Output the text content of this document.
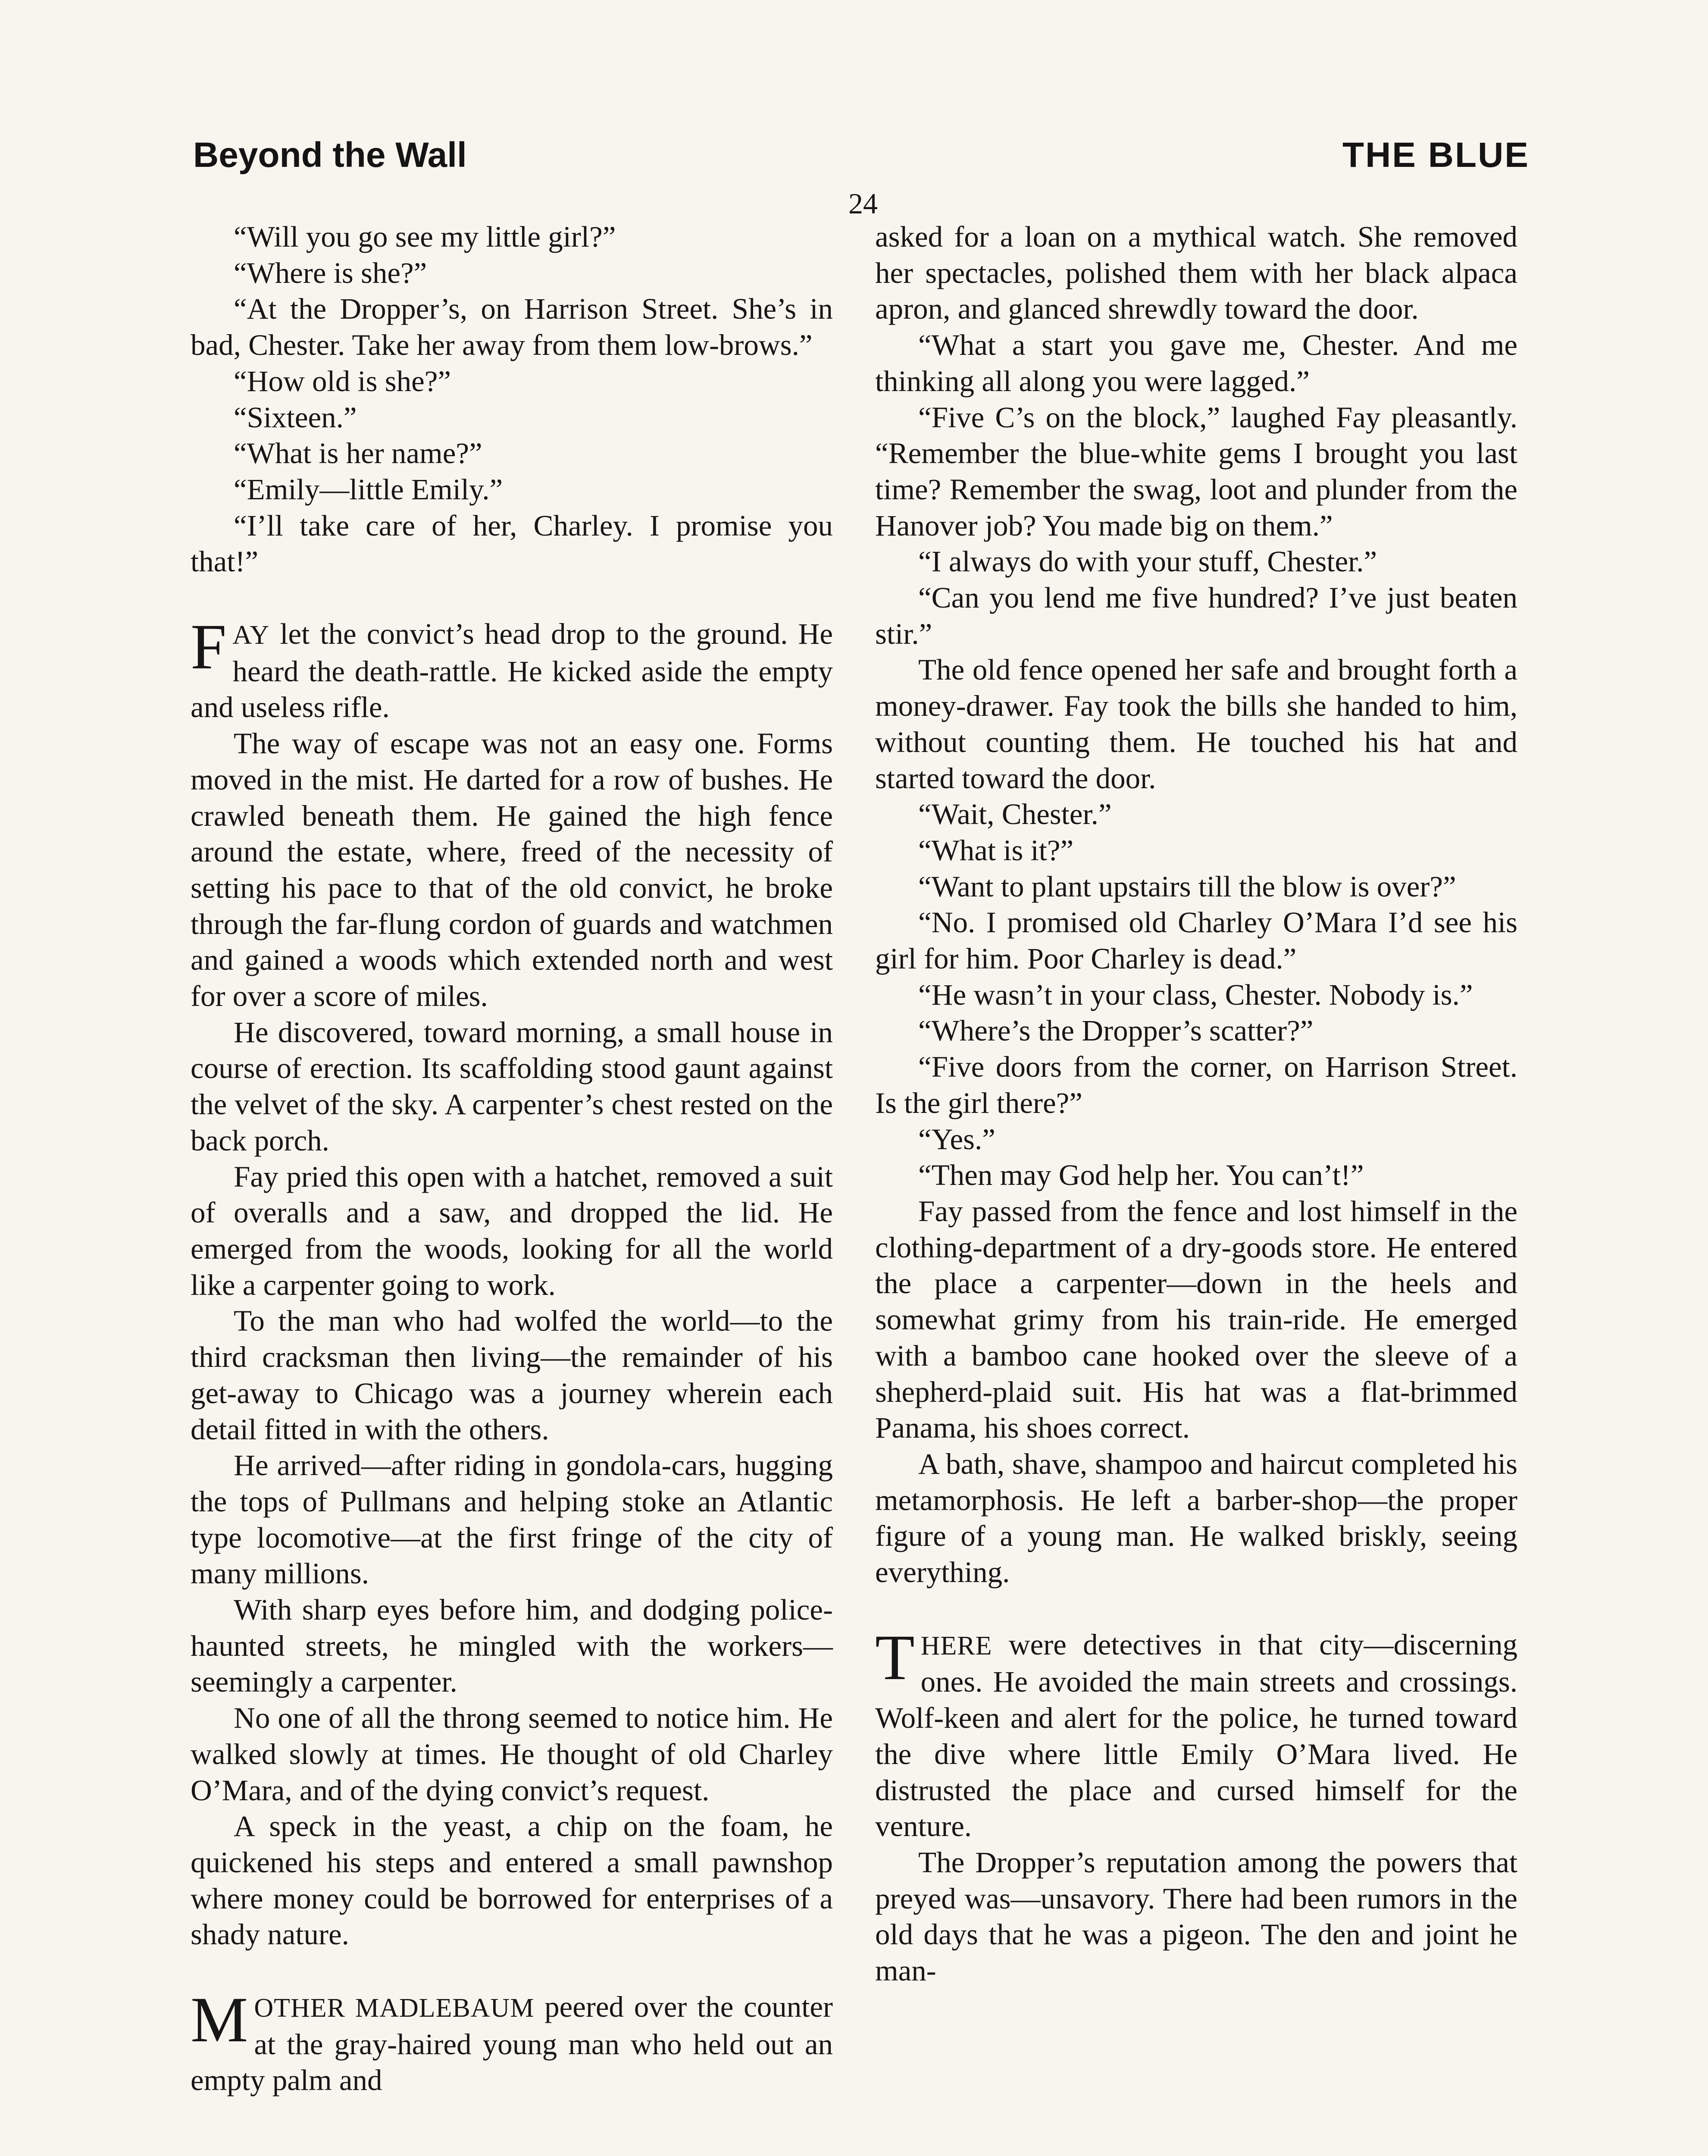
Beyond the Wall	THE BLUE
24

“Will you go see my little girl?”

“Where is she?”

“At the Dropper’s, on Harrison Street. She’s in bad, Chester. Take her away from them low-brows.”

“How old is she?”

“Sixteen.”

“What is her name?”

“Emily—little Emily.”

“I’ll take care of her, Charley. I promise you that!”

FAY let the convict’s head drop to the ground. He heard the death-rattle. He kicked aside the empty and useless rifle.

The way of escape was not an easy one. Forms moved in the mist. He darted for a row of bushes. He crawled beneath them. He gained the high fence around the estate, where, freed of the necessity of setting his pace to that of the old convict, he broke through the far-flung cordon of guards and watchmen and gained a woods which extended north and west for over a score of miles.

He discovered, toward morning, a small house in course of erection. Its scaffolding stood gaunt against the velvet of the sky. A carpenter’s chest rested on the back porch.

Fay pried this open with a hatchet, removed a suit of overalls and a saw, and dropped the lid. He emerged from the woods, looking for all the world like a carpenter going to work.

To the man who had wolfed the world—to the third cracksman then living—the remainder of his get-away to Chicago was a journey wherein each detail fitted in with the others.

He arrived—after riding in gondola-cars, hugging the tops of Pullmans and helping stoke an Atlantic type locomotive—at the first fringe of the city of many millions.

With sharp eyes before him, and dodging police-haunted streets, he mingled with the workers—seemingly a carpenter.

No one of all the throng seemed to notice him. He walked slowly at times. He thought of old Charley O’Mara, and of the dying convict’s request.

A speck in the yeast, a chip on the foam, he quickened his steps and entered a small pawnshop where money could be borrowed for enterprises of a shady nature.

MOTHER MADLEBAUM peered over the counter at the gray-haired young man who held out an empty palm and

asked for a loan on a mythical watch. She removed her spectacles, polished them with her black alpaca apron, and glanced shrewdly toward the door.

“What a start you gave me, Chester. And me thinking all along you were lagged.”

“Five C’s on the block,” laughed Fay pleasantly. “Remember the blue-white gems I brought you last time? Remember the swag, loot and plunder from the Hanover job? You made big on them.”

“I always do with your stuff, Chester.”

“Can you lend me five hundred? I’ve just beaten stir.”

The old fence opened her safe and brought forth a money-drawer. Fay took the bills she handed to him, without counting them. He touched his hat and started toward the door.

“Wait, Chester.”

“What is it?”

“Want to plant upstairs till the blow is over?”

“No. I promised old Charley O’Mara I’d see his girl for him. Poor Charley is dead.”

“He wasn’t in your class, Chester. Nobody is.”

“Where’s the Dropper’s scatter?”

“Five doors from the corner, on Harrison Street. Is the girl there?”

“Yes.”

“Then may God help her. You can’t!”

Fay passed from the fence and lost himself in the clothing-department of a dry-goods store. He entered the place a carpenter—down in the heels and somewhat grimy from his train-ride. He emerged with a bamboo cane hooked over the sleeve of a shepherd-plaid suit. His hat was a flat-brimmed Panama, his shoes correct.

A bath, shave, shampoo and haircut completed his metamorphosis. He left a barber-shop—the proper figure of a young man. He walked briskly, seeing everything.

THERE were detectives in that city—discerning ones. He avoided the main streets and crossings. Wolf-keen and alert for the police, he turned toward the dive where little Emily O’Mara lived. He distrusted the place and cursed himself for the venture.

The Dropper’s reputation among the powers that preyed was—unsavory. There had been rumors in the old days that he was a pigeon. The den and joint he man-
